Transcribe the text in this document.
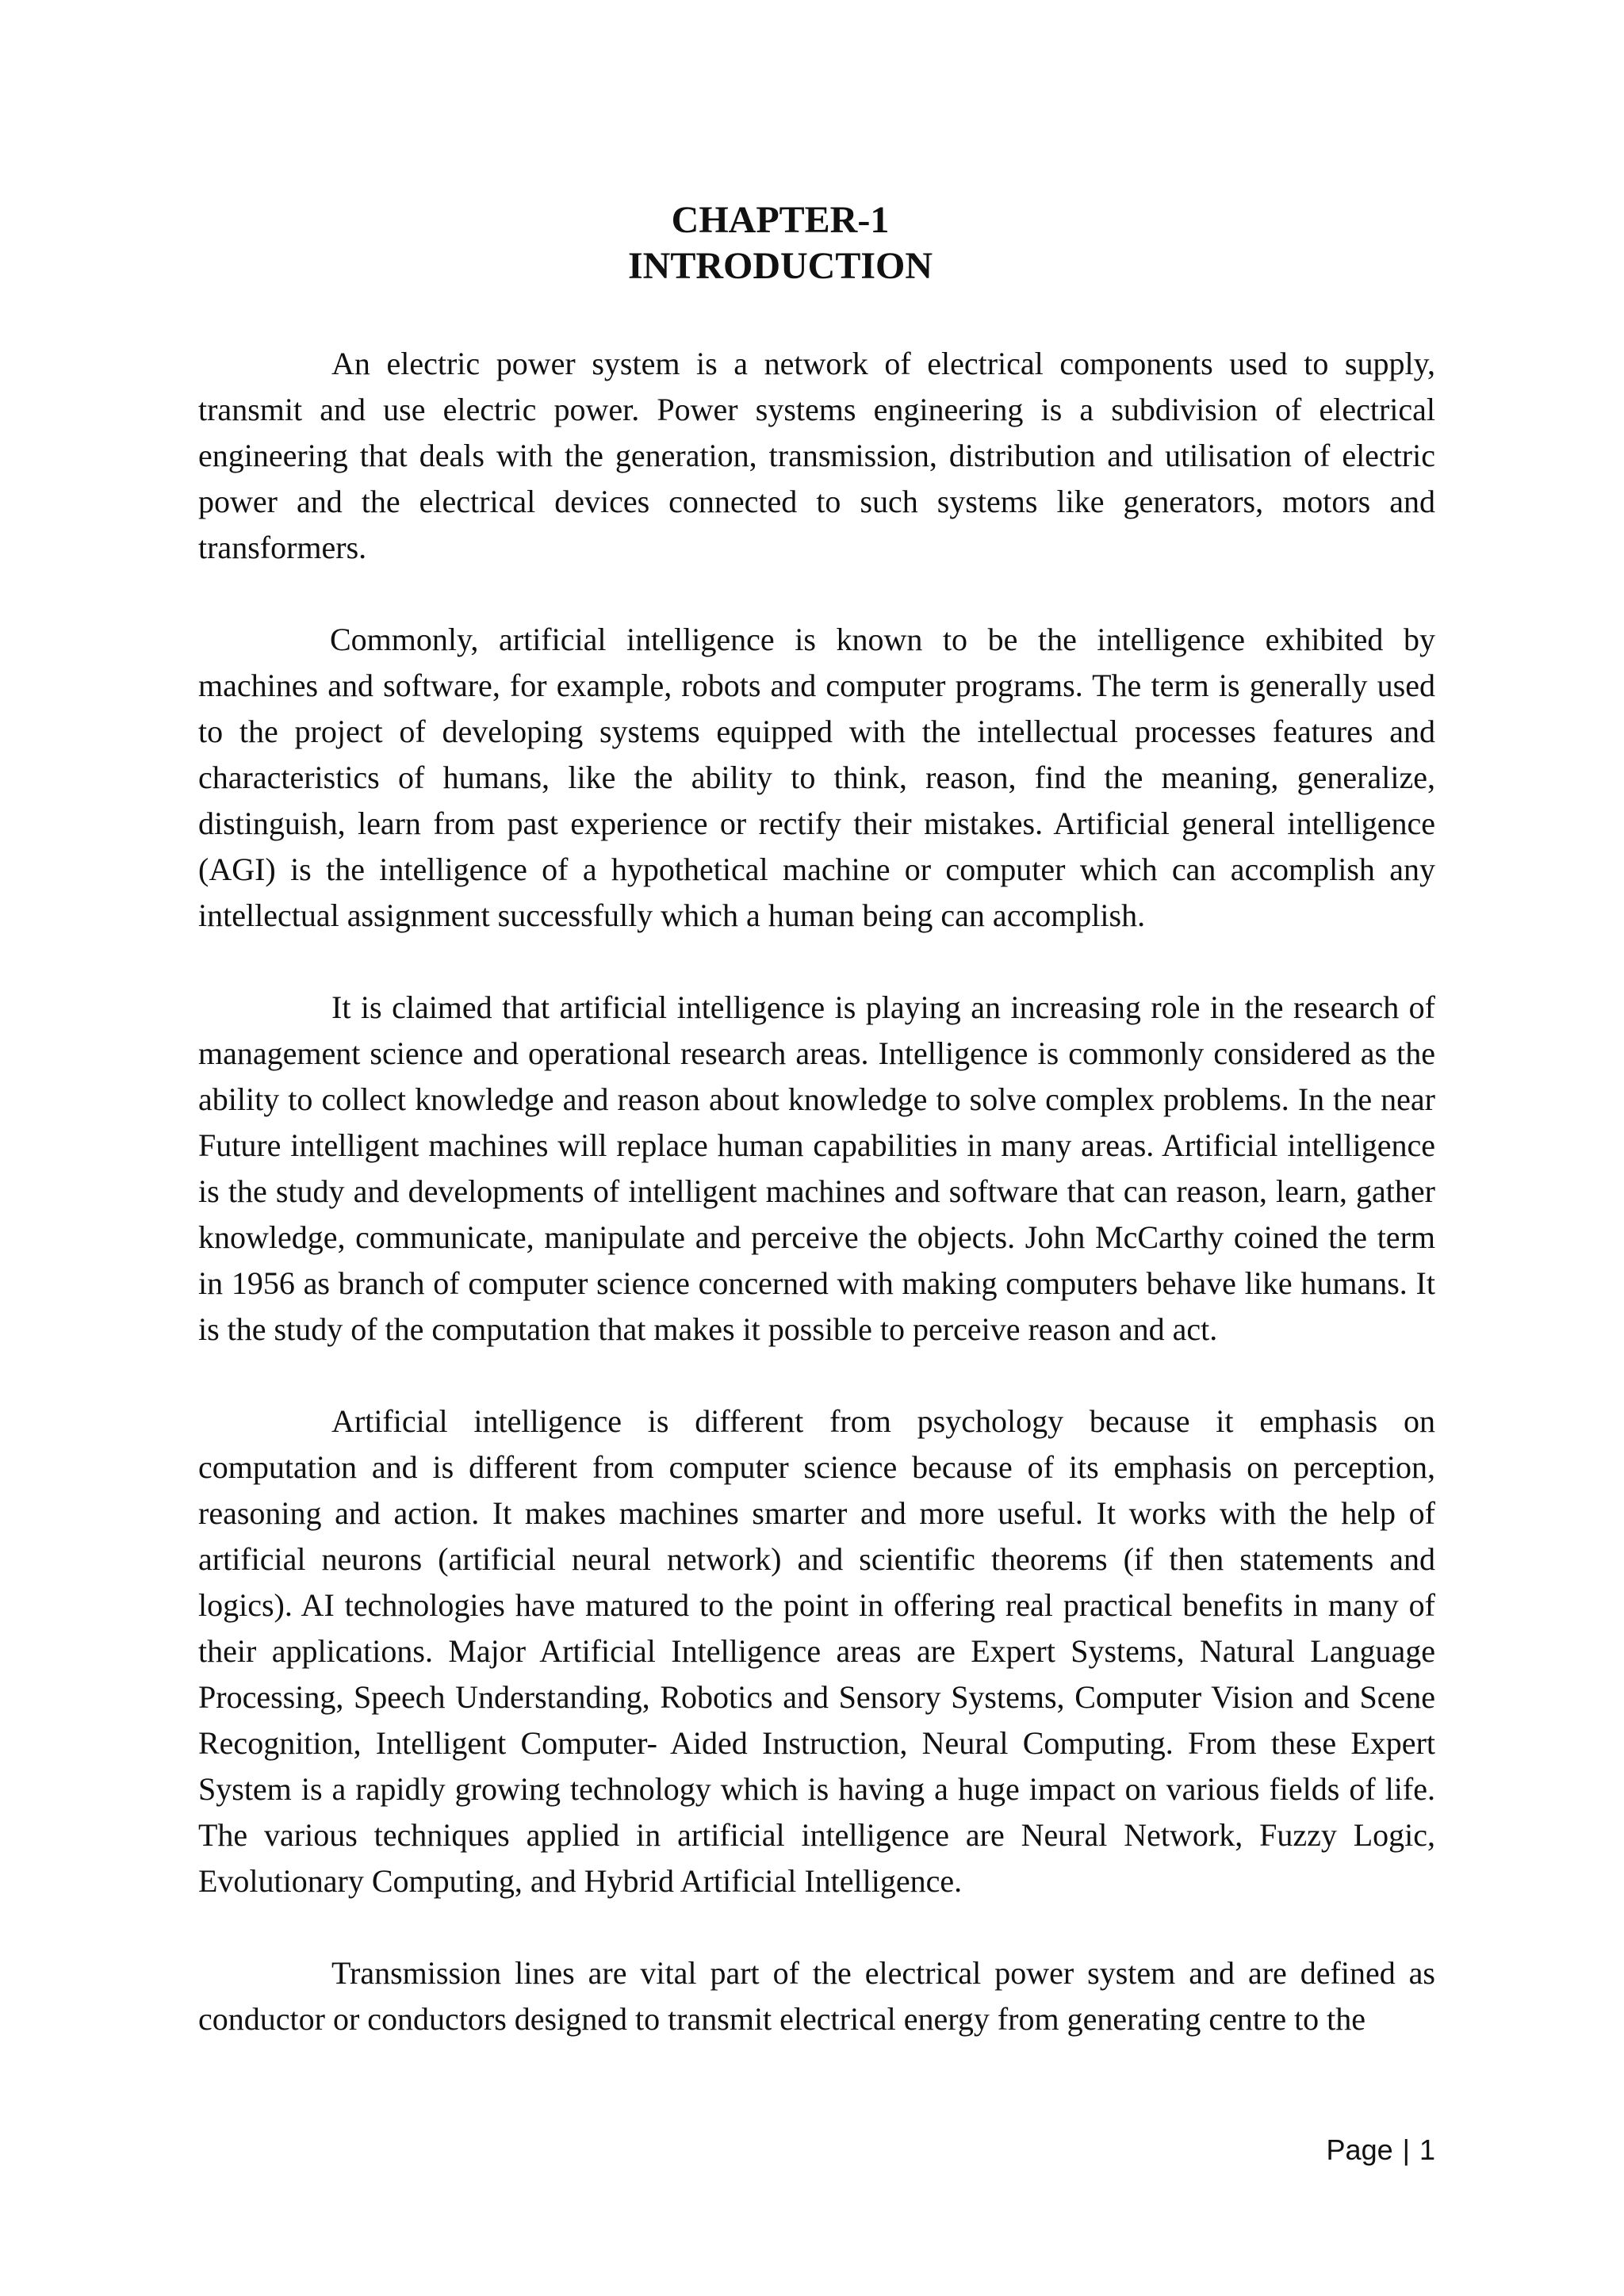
CHAPTER-1
INTRODUCTION

An electric power system is a network of electrical components used to supply, transmit and use electric power. Power systems engineering is a subdivision of electrical engineering that deals with the generation, transmission, distribution and utilisation of electric power and the electrical devices connected to such systems like generators, motors and transformers.

Commonly, artificial intelligence is known to be the intelligence exhibited by machines and software, for example, robots and computer programs. The term is generally used to the project of developing systems equipped with the intellectual processes features and characteristics of humans, like the ability to think, reason, find the meaning, generalize, distinguish, learn from past experience or rectify their mistakes. Artificial general intelligence (AGI) is the intelligence of a hypothetical machine or computer which can accomplish any intellectual assignment successfully which a human being can accomplish.

It is claimed that artificial intelligence is playing an increasing role in the research of management science and operational research areas. Intelligence is commonly considered as the ability to collect knowledge and reason about knowledge to solve complex problems. In the near Future intelligent machines will replace human capabilities in many areas. Artificial intelligence is the study and developments of intelligent machines and software that can reason, learn, gather knowledge, communicate, manipulate and perceive the objects. John McCarthy coined the term in 1956 as branch of computer science concerned with making computers behave like humans. It is the study of the computation that makes it possible to perceive reason and act.

Artificial intelligence is different from psychology because it emphasis on computation and is different from computer science because of its emphasis on perception, reasoning and action. It makes machines smarter and more useful. It works with the help of artificial neurons (artificial neural network) and scientific theorems (if then statements and logics). AI technologies have matured to the point in offering real practical benefits in many of their applications. Major Artificial Intelligence areas are Expert Systems, Natural Language Processing, Speech Understanding, Robotics and Sensory Systems, Computer Vision and Scene Recognition, Intelligent Computer- Aided Instruction, Neural Computing. From these Expert System is a rapidly growing technology which is having a huge impact on various fields of life. The various techniques applied in artificial intelligence are Neural Network, Fuzzy Logic, Evolutionary Computing, and Hybrid Artificial Intelligence.

Transmission lines are vital part of the electrical power system and are defined as conductor or conductors designed to transmit electrical energy from generating centre to the

Page | 1
